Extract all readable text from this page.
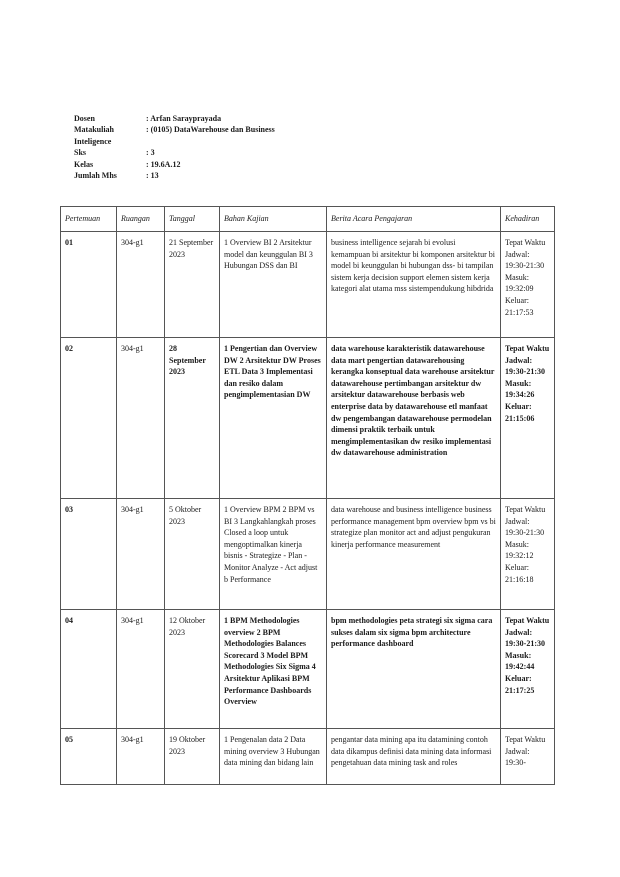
Dosen	: Arfan Sarayprayada
Matakuliah	: (0105) DataWarehouse dan Business
Inteligence
Sks	: 3
Kelas	: 19.6A.12
Jumlah Mhs	: 13
Pertemuan	Ruangan	Tanggal	Bahan Kajian	Berita Acara Pengajaran	Kehadiran
01	304-g1	21 September 2023	1 Overview BI 2 Arsitektur model dan keunggulan BI 3 Hubungan DSS dan BI	business intelligence sejarah bi evolusi kemampuan bi arsitektur bi komponen arsitektur bi model bi keunggulan bi hubungan dss- bi tampilan sistem kerja decision support elemen sistem kerja kategori alat utama mss sistempendukung hibdrida	Tepat Waktu Jadwal: 19:30-21:30 Masuk: 19:32:09 Keluar: 21:17:53
02	304-g1	28 September 2023	1 Pengertian dan Overview DW 2 Arsitektur DW Proses ETL Data 3 Implementasi dan resiko dalam pengimplementasian DW	data warehouse karakteristik datawarehouse data mart pengertian datawarehousing kerangka konseptual data warehouse arsitektur datawarehouse pertimbangan arsitektur dw arsitektur datawarehouse berbasis web enterprise data by datawarehouse etl manfaat dw pengembangan datawarehouse permodelan dimensi praktik terbaik untuk mengimplementasikan dw resiko implementasi dw datawarehouse administration	Tepat Waktu Jadwal: 19:30-21:30 Masuk: 19:34:26 Keluar: 21:15:06
03	304-g1	5 Oktober 2023	1 Overview BPM 2 BPM vs BI 3 Langkahlangkah proses Closed a loop untuk mengoptimalkan kinerja bisnis - Strategize - Plan - Monitor Analyze - Act adjust b Performance	data warehouse and business intelligence business performance management bpm overview bpm vs bi strategize plan monitor act and adjust pengukuran kinerja performance measurement	Tepat Waktu Jadwal: 19:30-21:30 Masuk: 19:32:12 Keluar: 21:16:18
04	304-g1	12 Oktober 2023	1 BPM Methodologies overview 2 BPM Methodologies Balances Scorecard 3 Model BPM Methodologies Six Sigma 4 Arsitektur Aplikasi BPM Performance Dashboards Overview	bpm methodologies peta strategi six sigma cara sukses dalam six sigma bpm architecture performance dashboard	Tepat Waktu Jadwal: 19:30-21:30 Masuk: 19:42:44 Keluar: 21:17:25
05	304-g1	19 Oktober 2023	1 Pengenalan data 2 Data mining overview 3 Hubungan data mining dan bidang lain	pengantar data mining apa itu datamining contoh data dikampus definisi data mining data informasi pengetahuan data mining task and roles	Tepat Waktu Jadwal: 19:30-
